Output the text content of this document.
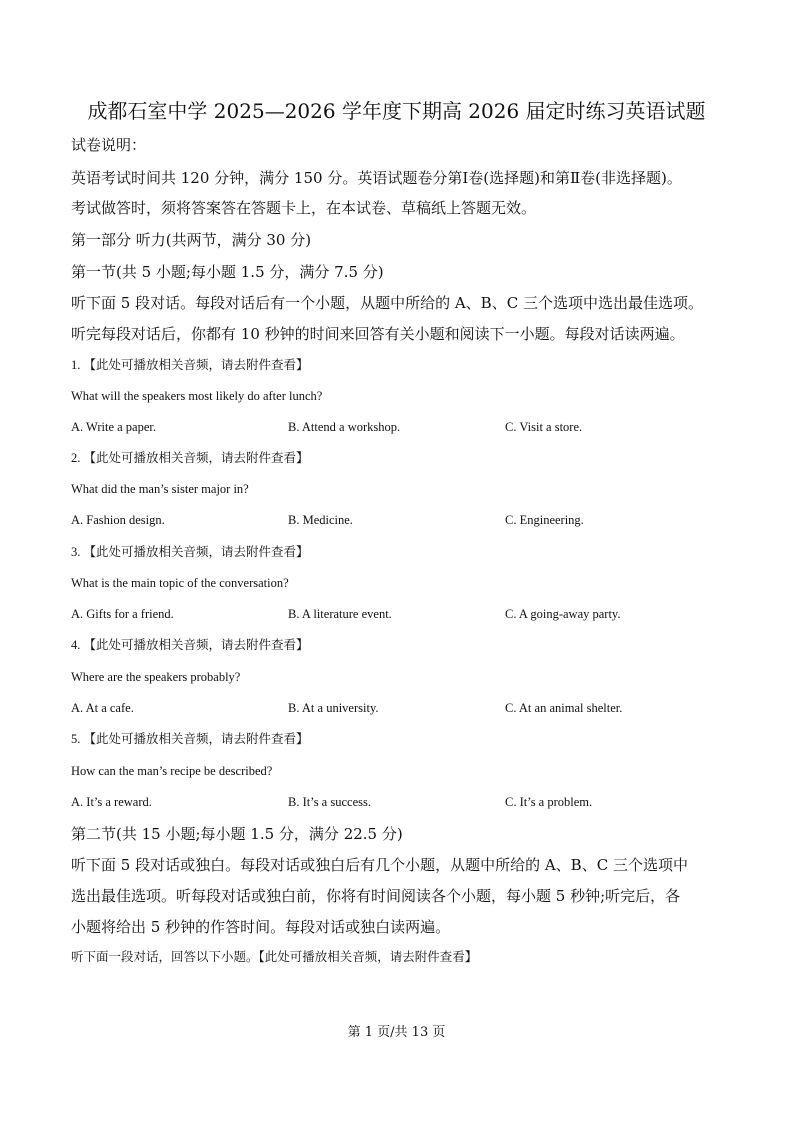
成都石室中学 2025—2026 学年度下期高 2026 届定时练习英语试题
试卷说明：
英语考试时间共 120 分钟，满分 150 分。英语试题卷分第Ⅰ卷(选择题)和第Ⅱ卷(非选择题)。
考试做答时，须将答案答在答题卡上，在本试卷、草稿纸上答题无效。
第一部分 听力(共两节，满分 30 分)
第一节(共 5 小题;每小题 1.5 分，满分 7.5 分)
听下面 5 段对话。每段对话后有一个小题，从题中所给的 A、B、C 三个选项中选出最佳选项。
听完每段对话后，你都有 10 秒钟的时间来回答有关小题和阅读下一小题。每段对话读两遍。
1. 【此处可播放相关音频，请去附件查看】
What will the speakers most likely do after lunch?
A. Write a paper.	B. Attend a workshop.	C. Visit a store.
2. 【此处可播放相关音频，请去附件查看】
What did the man’s sister major in?
A. Fashion design.	B. Medicine.	C. Engineering.
3. 【此处可播放相关音频，请去附件查看】
What is the main topic of the conversation?
A. Gifts for a friend.	B. A literature event.	C. A going-away party.
4. 【此处可播放相关音频，请去附件查看】
Where are the speakers probably?
A. At a cafe.	B. At a university.	C. At an animal shelter.
5. 【此处可播放相关音频，请去附件查看】
How can the man’s recipe be described?
A. It’s a reward.	B. It’s a success.	C. It’s a problem.
第二节(共 15 小题;每小题 1.5 分，满分 22.5 分)
听下面 5 段对话或独白。每段对话或独白后有几个小题，从题中所给的 A、B、C 三个选项中
选出最佳选项。听每段对话或独白前，你将有时间阅读各个小题，每小题 5 秒钟;听完后，各
小题将给出 5 秒钟的作答时间。每段对话或独白读两遍。
听下面一段对话，回答以下小题。【此处可播放相关音频，请去附件查看】
第 1 页/共 13 页
